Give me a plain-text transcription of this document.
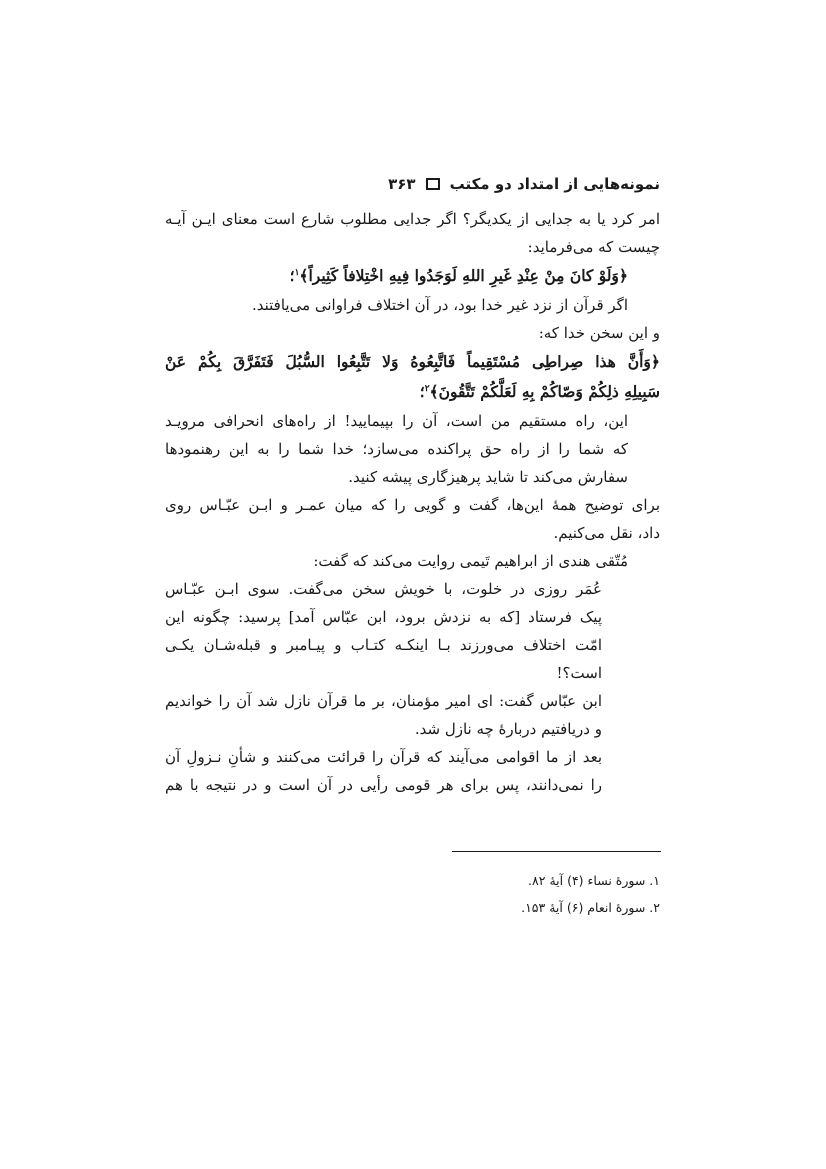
نمونه‌هایی از امتداد دو مکتب
۳۶۳
امر کرد یا به جدایی از یکدیگر؟ اگر جدایی مطلوب شارع است معنای ایـن آیـه
چیست که می‌فرماید:
﴿وَلَوْ کانَ مِنْ عِنْدِ غَیرِ اللهِ لَوَجَدُوا فِیهِ اخْتِلافاً کَثِیراً﴾$^۱$؛
اگر قرآن از نزد غیر خدا بود، در آن اختلاف فراوانی می‌یافتند.
و این سخن خدا که:
﴿وَأَنَّ هذا صِراطِی مُسْتَقِیماً فَاتَّبِعُوهُ وَلا تَتَّبِعُوا السُّبُلَ فَتَفَرَّقَ بِکُمْ عَنْ
سَبِیلِهِ ذلِکُمْ وَصّاکُمْ بِهِ لَعَلَّکُمْ تَتَّقُونَ﴾$^۲$؛
این، راه مستقیم من است، آن را بپیمایید! از راه‌های انحرافی مرویـد
که شما را از راه حق پراکنده می‌سازد؛ خدا شما را به این رهنمودها
سفارش می‌کند تا شاید پرهیزگاری پیشه کنید.
برای توضیح همهٔ این‌ها، گفت و گویی را که میان عمـر و ابـن عبّـاس روی
داد، نقل می‌کنیم.
مُتّقی هندی از ابراهیم تَیمی روایت می‌کند که گفت:
عُمَر روزی در خلوت، با خویش سخن می‌گفت. سوی ابـن عبّـاس
پیک فرستاد [که به نزدش برود، ابن عبّاس آمد] پرسید: چگونه این
امّت اختلاف می‌ورزند بـا اینکـه کتـاب و پیـامبر و قبله‌شـان یکـی
است؟!
ابن عبّاس گفت: ای امیر مؤمنان، بر ما قرآن نازل شد آن را خواندیم
و دریافتیم دربارهٔ چه نازل شد.
بعد از ما اقوامی می‌آیند که قرآن را قرائت می‌کنند و شأنِ نـزولِ آن
را نمی‌دانند، پس برای هر قومی رأیی در آن است و در نتیجه با هم
۱. سورهٔ نساء (۴) آیهٔ ۸۲.
۲. سورهٔ انعام (۶) آیهٔ ۱۵۳.
